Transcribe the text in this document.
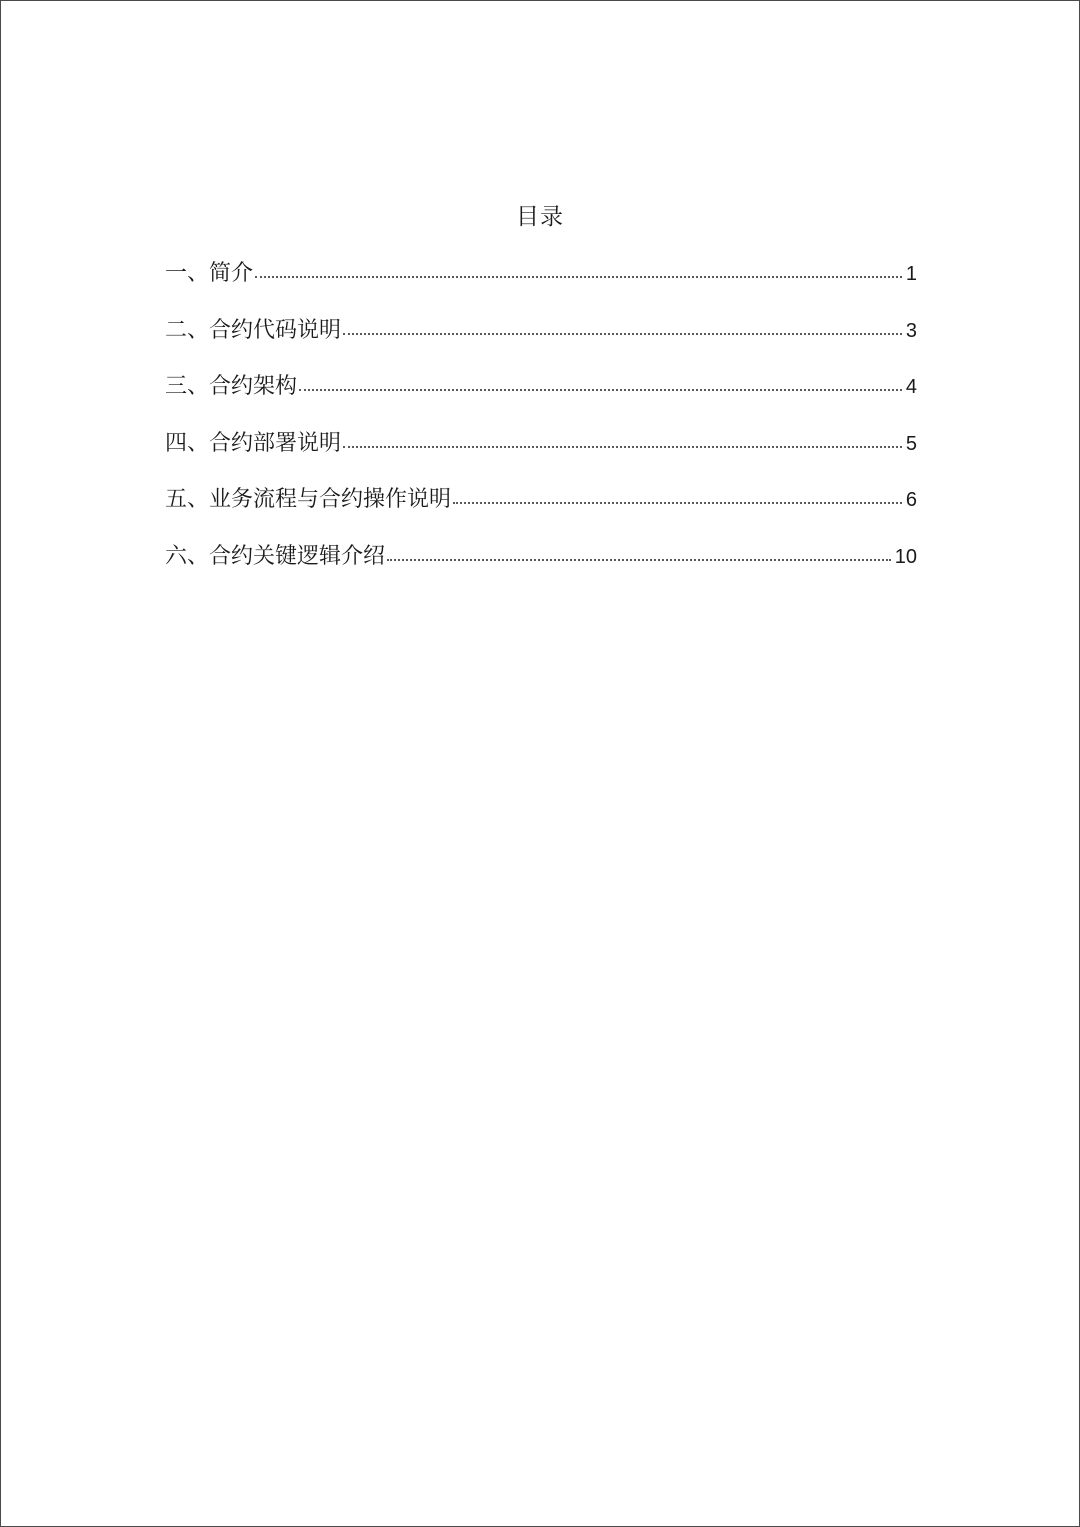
目录
一、简介	1
二、合约代码说明	3
三、合约架构	4
四、合约部署说明	5
五、业务流程与合约操作说明	6
六、合约关键逻辑介绍	10
